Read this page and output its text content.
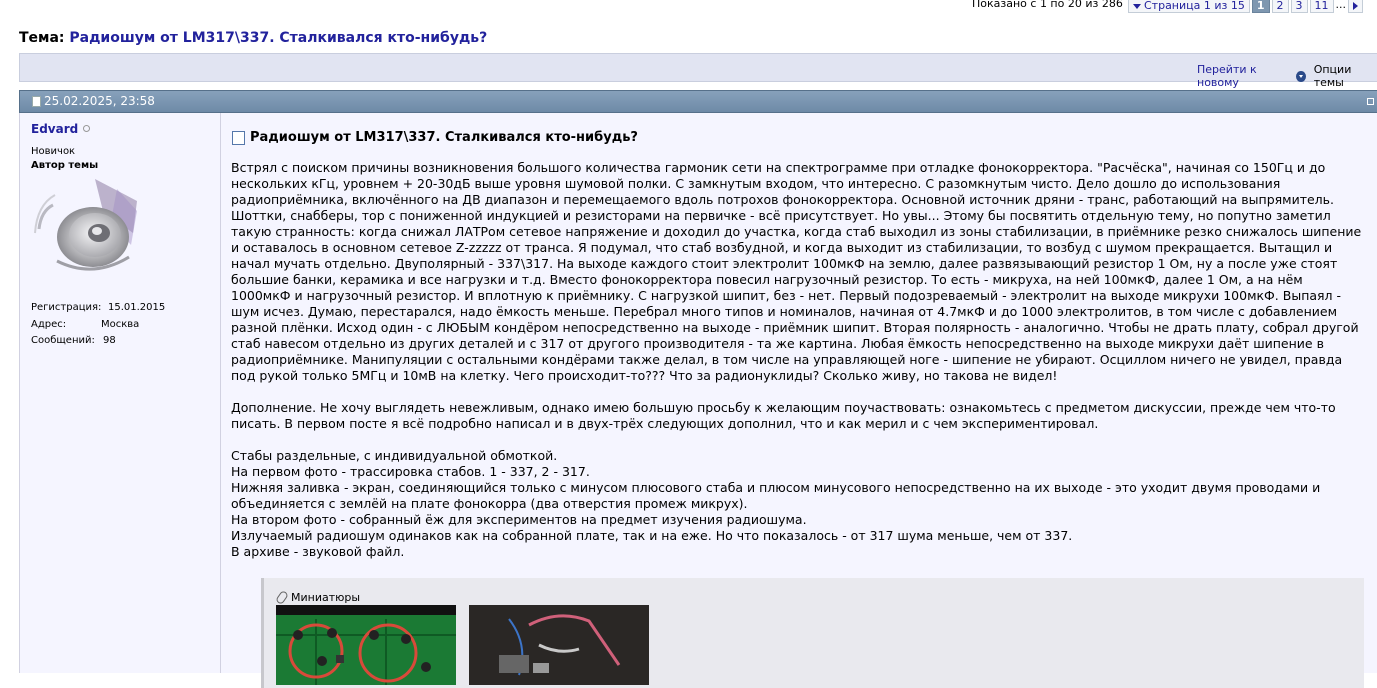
Показано с 1 по 20 из 286	Страница 1 из 15	1	2	3	11 ...
Тема: Радиошум от LM317\337. Сталкивался кто-нибудь?
Перейти к новому
Опции темы
25.02.2025, 23:58
Edvard
Новичок
Автор темы
Регистрация: 15.01.2015
Адрес:	Москва
Сообщений: 98
Радиошум от LM317\337. Сталкивался кто-нибудь?

Встрял с поиском причины возникновения большого количества гармоник сети на спектрограмме при отладке фонокорректора. "Расчёска", начиная со 150Гц и до
нескольких кГц, уровнем + 20-30дБ выше уровня шумовой полки. С замкнутым входом, что интересно. С разомкнутым чисто. Дело дошло до использования
радиоприёмника, включённого на ДВ диапазон и перемещаемого вдоль потрохов фонокорректора. Основной источник дряни - транс, работающий на выпрямитель.
Шоттки, снабберы, тор с пониженной индукцией и резисторами на первичке - всё присутствует. Но увы... Этому бы посвятить отдельную тему, но попутно заметил
такую странность: когда снижал ЛАТРом сетевое напряжение и доходил до участка, когда стаб выходил из зоны стабилизации, в приёмнике резко снижалось шипение
и оставалось в основном сетевое Z-zzzzz от транса. Я подумал, что стаб возбудной, и когда выходит из стабилизации, то возбуд с шумом прекращается. Вытащил и
начал мучать отдельно. Двуполярный - 337\317. На выходе каждого стоит электролит 100мкФ на землю, далее развязывающий резистор 1 Ом, ну а после уже стоят
большие банки, керамика и все нагрузки и т.д. Вместо фонокорректора повесил нагрузочный резистор. То есть - микруха, на ней 100мкФ, далее 1 Ом, а на нём
1000мкФ и нагрузочный резистор. И вплотную к приёмнику. С нагрузкой шипит, без - нет. Первый подозреваемый - электролит на выходе микрухи 100мкФ. Выпаял -
шум исчез. Думаю, перестарался, надо ёмкость меньше. Перебрал много типов и номиналов, начиная от 4.7мкФ и до 1000 электролитов, в том числе с добавлением
разной плёнки. Исход один - с ЛЮБЫМ кондёром непосредственно на выходе - приёмник шипит. Вторая полярность - аналогично. Чтобы не драть плату, собрал другой
стаб навесом отдельно из других деталей и с 317 от другого производителя - та же картина. Любая ёмкость непосредственно на выходе микрухи даёт шипение в
радиоприёмнике. Манипуляции с остальными кондёрами также делал, в том числе на управляющей ноге - шипение не убирают. Осциллом ничего не увидел, правда
под рукой только 5МГц и 10мВ на клетку. Чего происходит-то??? Что за радионуклиды? Сколько живу, но такова не видел!

Дополнение. Не хочу выглядеть невежливым, однако имею большую просьбу к желающим поучаствовать: ознакомьтесь с предметом дискуссии, прежде чем что-то
писать. В первом посте я всё подробно написал и в двух-трёх следующих дополнил, что и как мерил и с чем экспериментировал.

Стабы раздельные, с индивидуальной обмоткой.
На первом фото - трассировка стабов. 1 - 337, 2 - 317.
Нижняя заливка - экран, соединяющийся только с минусом плюсового стаба и плюсом минусового непосредственно на их выходе - это уходит двумя проводами и
объединяется с землёй на плате фонокорра (два отверстия промеж микрух).
На втором фото - собранный ёж для экспериментов на предмет изучения радиошума.
Излучаемый радиошум одинаков как на собранной плате, так и на еже. Но что показалось - от 317 шума меньше, чем от 337.
В архиве - звуковой файл.

Миниатюры
